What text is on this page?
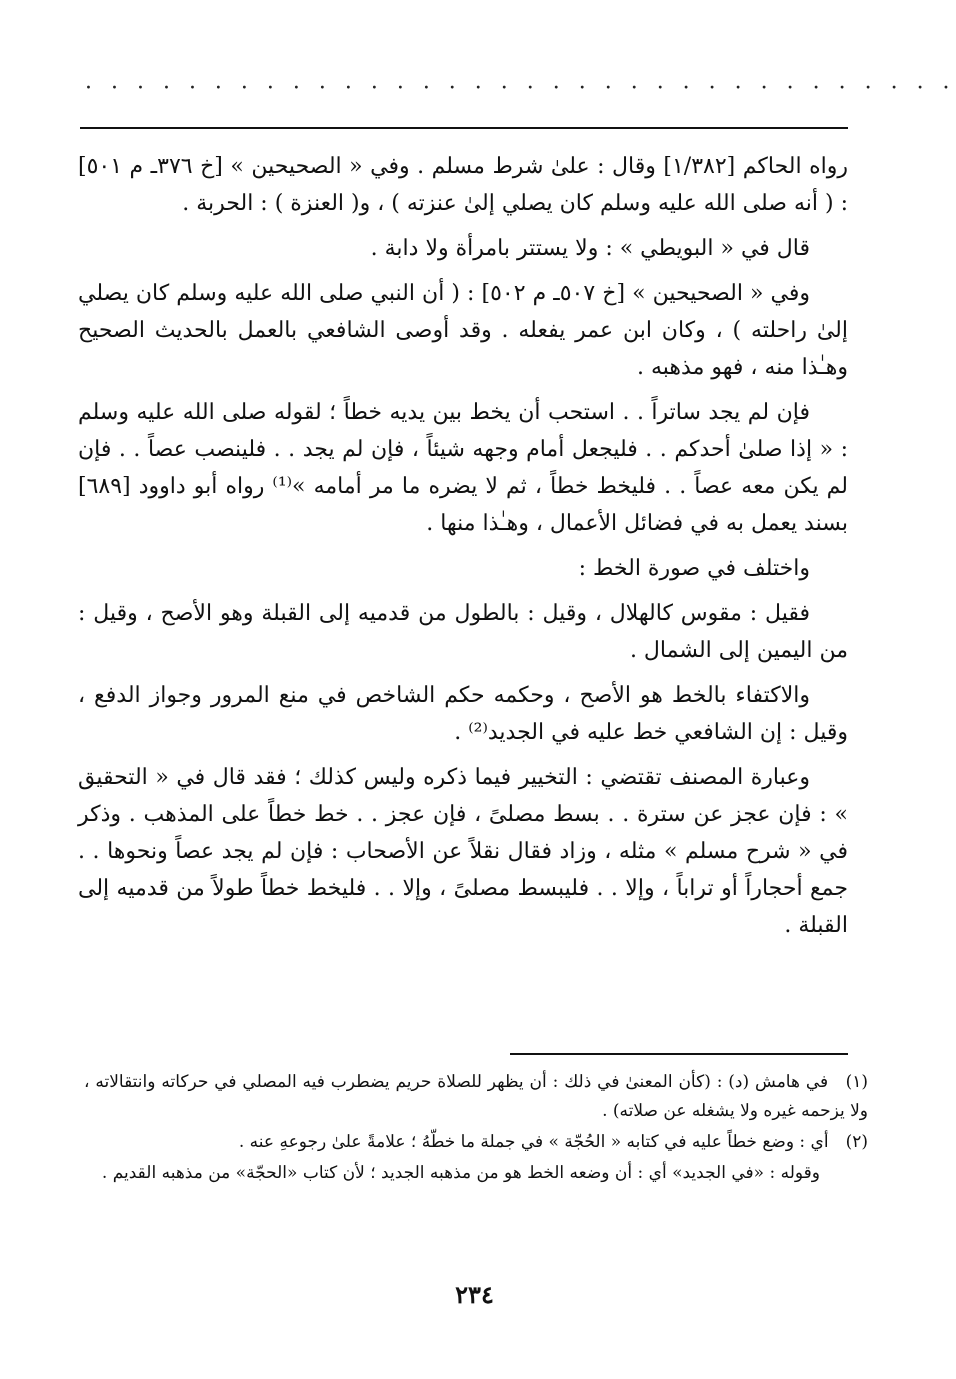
· · · · · · · · · · · · · · · · · · · · · · · · · · · · · · · · · ·

رواه الحاكم [١/٣٨٢] وقال : علىٰ شرط مسلم . وفي « الصحيحين » [خ ٣٧٦ـ م ٥٠١] : ( أنه صلى الله عليه وسلم كان يصلي إلىٰ عنزته ) ، و( العنزة ) : الحربة .

قال في « البويطي » : ولا يستتر بامرأة ولا دابة .

وفي « الصحيحين » [خ ٥٠٧ـ م ٥٠٢] : ( أن النبي صلى الله عليه وسلم كان يصلي إلىٰ راحلته ) ، وكان ابن عمر يفعله . وقد أوصى الشافعي بالعمل بالحديث الصحيح وهـٰذا منه ، فهو مذهبه .

فإن لم يجد ساتراً . . استحب أن يخط بين يديه خطاً ؛ لقوله صلى الله عليه وسلم : « إذا صلىٰ أحدكم . . فليجعل أمام وجهه شيئاً ، فإن لم يجد . . فلينصب عصاً . . فإن لم يكن معه عصاً . . فليخط خطاً ، ثم لا يضره ما مر أمامه »⁽¹⁾ رواه أبو داوود [٦٨٩] بسند يعمل به في فضائل الأعمال ، وهـٰذا منها .

واختلف في صورة الخط :

فقيل : مقوس كالهلال ، وقيل : بالطول من قدميه إلى القبلة وهو الأصح ، وقيل : من اليمين إلى الشمال .

والاكتفاء بالخط هو الأصح ، وحكمه حكم الشاخص في منع المرور وجواز الدفع ، وقيل : إن الشافعي خط عليه في الجديد⁽²⁾ .

وعبارة المصنف تقتضي : التخيير فيما ذكره وليس كذلك ؛ فقد قال في « التحقيق » : فإن عجز عن سترة . . بسط مصلىً ، فإن عجز . . خط خطاً على المذهب . وذكر في « شرح مسلم » مثله ، وزاد فقال نقلاً عن الأصحاب : فإن لم يجد عصاً ونحوها . . جمع أحجاراً أو تراباً ، وإلا . . فليبسط مصلىً ، وإلا . . فليخط خطاً طولاً من قدميه إلى القبلة .

(١) في هامش (د) : (كأن المعنىٰ في ذلك : أن يظهر للصلاة حريم يضطرب فيه المصلي في حركاته وانتقالاته ، ولا يزحمه غيره ولا يشغله عن صلاته) .

(٢) أي : وضع خطاً عليه في كتابه « الحُجّة » في جملة ما خطّهُ ؛ علامةً علىٰ رجوعهِ عنه .

وقوله : «في الجديد» أي : أن وضعه الخط هو من مذهبه الجديد ؛ لأن كتاب «الحجّة» من مذهبه القديم .

٢٣٤
